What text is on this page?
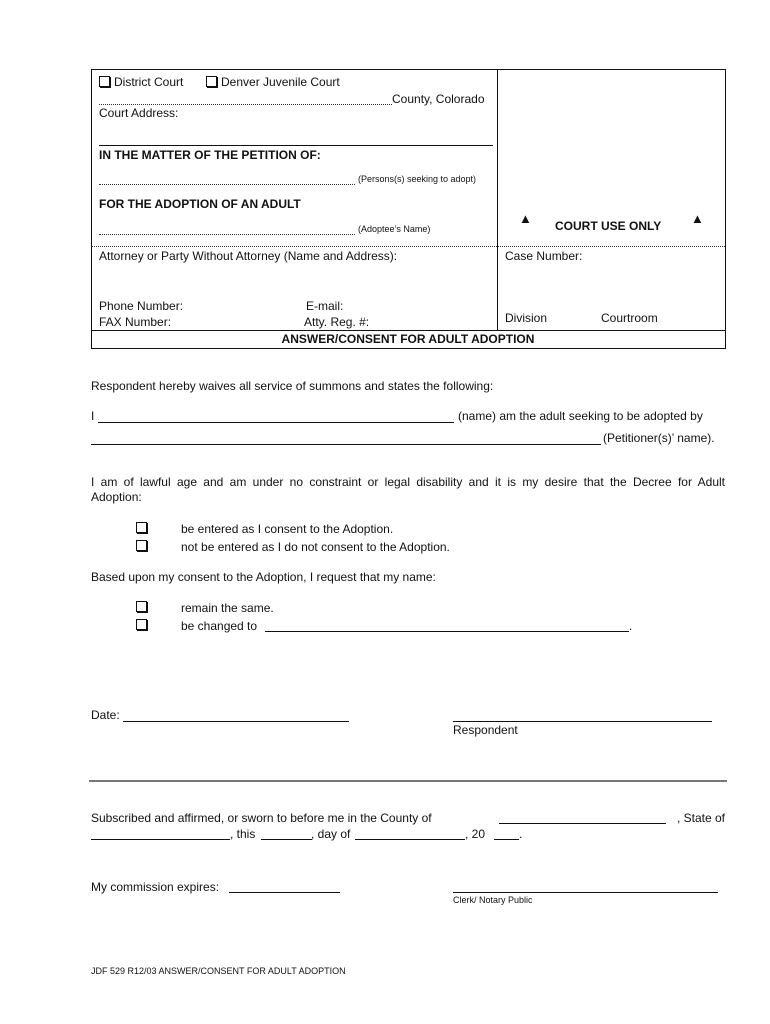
District Court	Denver Juvenile Court
County, Colorado
Court Address:
IN THE MATTER OF THE PETITION OF:
(Persons(s) seeking to adopt)
FOR THE ADOPTION OF AN ADULT
(Adoptee’s Name)
▲ COURT USE ONLY ▲
Attorney or Party Without Attorney (Name and Address):	Case Number:
Phone Number:	E-mail:
FAX Number:	Atty. Reg. #:	Division	Courtroom
ANSWER/CONSENT FOR ADULT ADOPTION
Respondent hereby waives all service of summons and states the following:
I	(name) am the adult seeking to be adopted by
(Petitioner(s)’ name).
I am of lawful age and am under no constraint or legal disability and it is my desire that the Decree for Adult
Adoption:
be entered as I consent to the Adoption.
not be entered as I do not consent to the Adoption.
Based upon my consent to the Adoption, I request that my name:
remain the same.
be changed to	.
Date:
Respondent
Subscribed and affirmed, or sworn to before me in the County of	, State of
, this	, day of	, 20	.
My commission expires:
Clerk/ Notary Public
JDF 529 R12/03 ANSWER/CONSENT FOR ADULT ADOPTION
